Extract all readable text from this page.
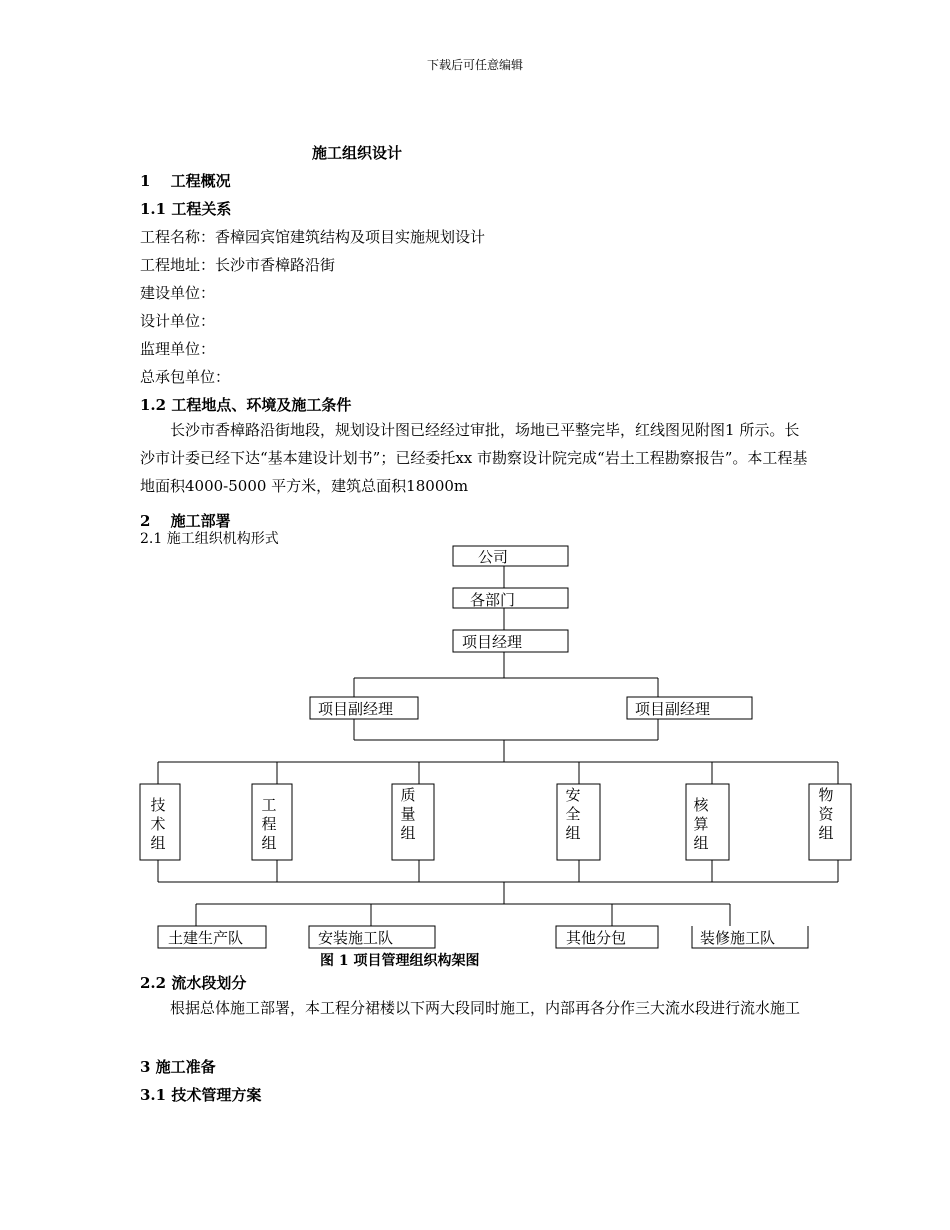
下载后可任意编辑
施工组织设计
1　 工程概况
1.1 工程关系
工程名称：香樟园宾馆建筑结构及项目实施规划设计
工程地址：长沙市香樟路沿街
建设单位：
设计单位：
监理单位：
总承包单位：
1.2 工程地点、环境及施工条件
长沙市香樟路沿街地段，规划设计图已经经过审批，场地已平整完毕，红线图见附图1 所示。长沙市计委已经下达“基本建设计划书”；已经委托xx 市勘察设计院完成“岩土工程勘察报告”。本工程基地面积4000-5000 平方米，建筑总面积18000m
2　 施工部署
2.1 施工组织机构形式
公司
各部门
项目经理
项目副经理	项目副经理
土建生产队	安装施工队	其他分包	装修施工队
技术组
工程组
质量组
安全组
核算组
物资组
图 1 项目管理组织构架图
2.2 流水段划分
根据总体施工部署，本工程分裙楼以下两大段同时施工，内部再各分作三大流水段进行流水施工
3 施工准备
3.1 技术管理方案
